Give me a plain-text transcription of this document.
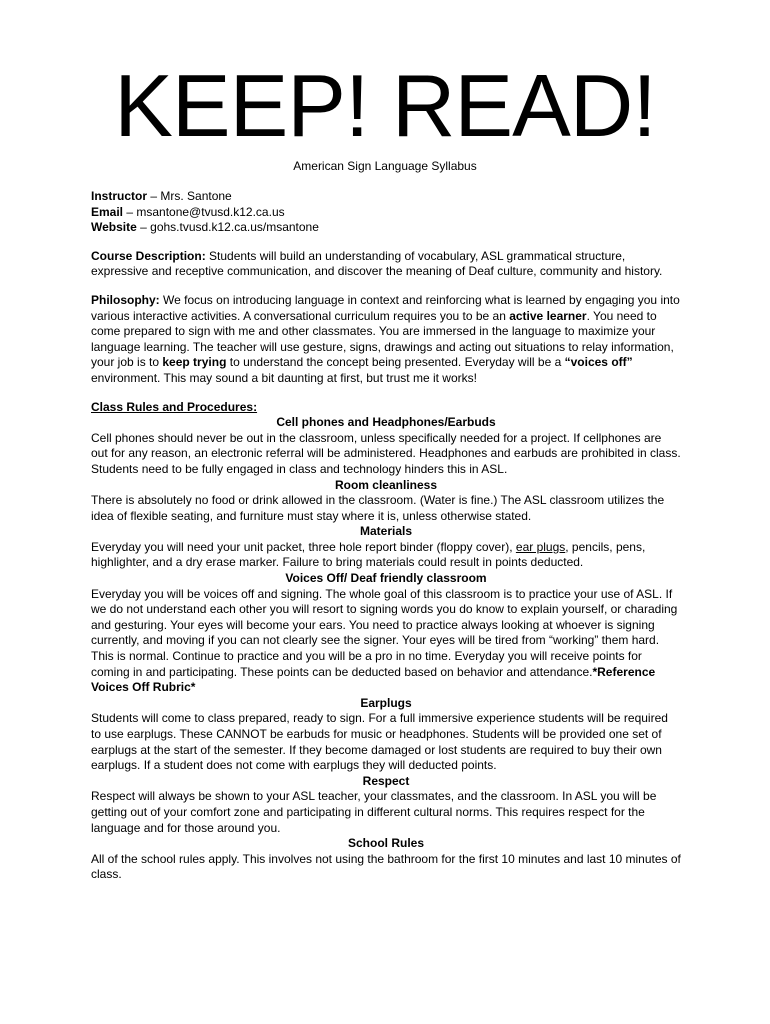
KEEP! READ!
American Sign Language Syllabus

Instructor – Mrs. Santone

Email – msantone@tvusd.k12.ca.us

Website – gohs.tvusd.k12.ca.us/msantone

Course Description: Students will build an understanding of vocabulary, ASL grammatical structure, expressive and receptive communication, and discover the meaning of Deaf culture, community and history.

Philosophy: We focus on introducing language in context and reinforcing what is learned by engaging you into various interactive activities. A conversational curriculum requires you to be an active learner. You need to come prepared to sign with me and other classmates. You are immersed in the language to maximize your language learning. The teacher will use gesture, signs, drawings and acting out situations to relay information, your job is to keep trying to understand the concept being presented. Everyday will be a “voices off” environment. This may sound a bit daunting at first, but trust me it works!

Class Rules and Procedures:

Cell phones and Headphones/Earbuds

Cell phones should never be out in the classroom, unless specifically needed for a project. If cellphones are out for any reason, an electronic referral will be administered. Headphones and earbuds are prohibited in class. Students need to be fully engaged in class and technology hinders this in ASL.

Room cleanliness

There is absolutely no food or drink allowed in the classroom. (Water is fine.) The ASL classroom utilizes the idea of flexible seating, and furniture must stay where it is, unless otherwise stated.

Materials

Everyday you will need your unit packet, three hole report binder (floppy cover), ear plugs, pencils, pens, highlighter, and a dry erase marker. Failure to bring materials could result in points deducted.

Voices Off/ Deaf friendly classroom

Everyday you will be voices off and signing. The whole goal of this classroom is to practice your use of ASL. If we do not understand each other you will resort to signing words you do know to explain yourself, or charading and gesturing. Your eyes will become your ears. You need to practice always looking at whoever is signing currently, and moving if you can not clearly see the signer. Your eyes will be tired from “working” them hard. This is normal. Continue to practice and you will be a pro in no time. Everyday you will receive points for coming in and participating. These points can be deducted based on behavior and attendance.*Reference Voices Off Rubric*

Earplugs

Students will come to class prepared, ready to sign. For a full immersive experience students will be required to use earplugs. These CANNOT be earbuds for music or headphones. Students will be provided one set of earplugs at the start of the semester. If they become damaged or lost students are required to buy their own earplugs. If a student does not come with earplugs they will deducted points.

Respect

Respect will always be shown to your ASL teacher, your classmates, and the classroom. In ASL you will be getting out of your comfort zone and participating in different cultural norms. This requires respect for the language and for those around you.

School Rules

All of the school rules apply. This involves not using the bathroom for the first 10 minutes and last 10 minutes of class.
